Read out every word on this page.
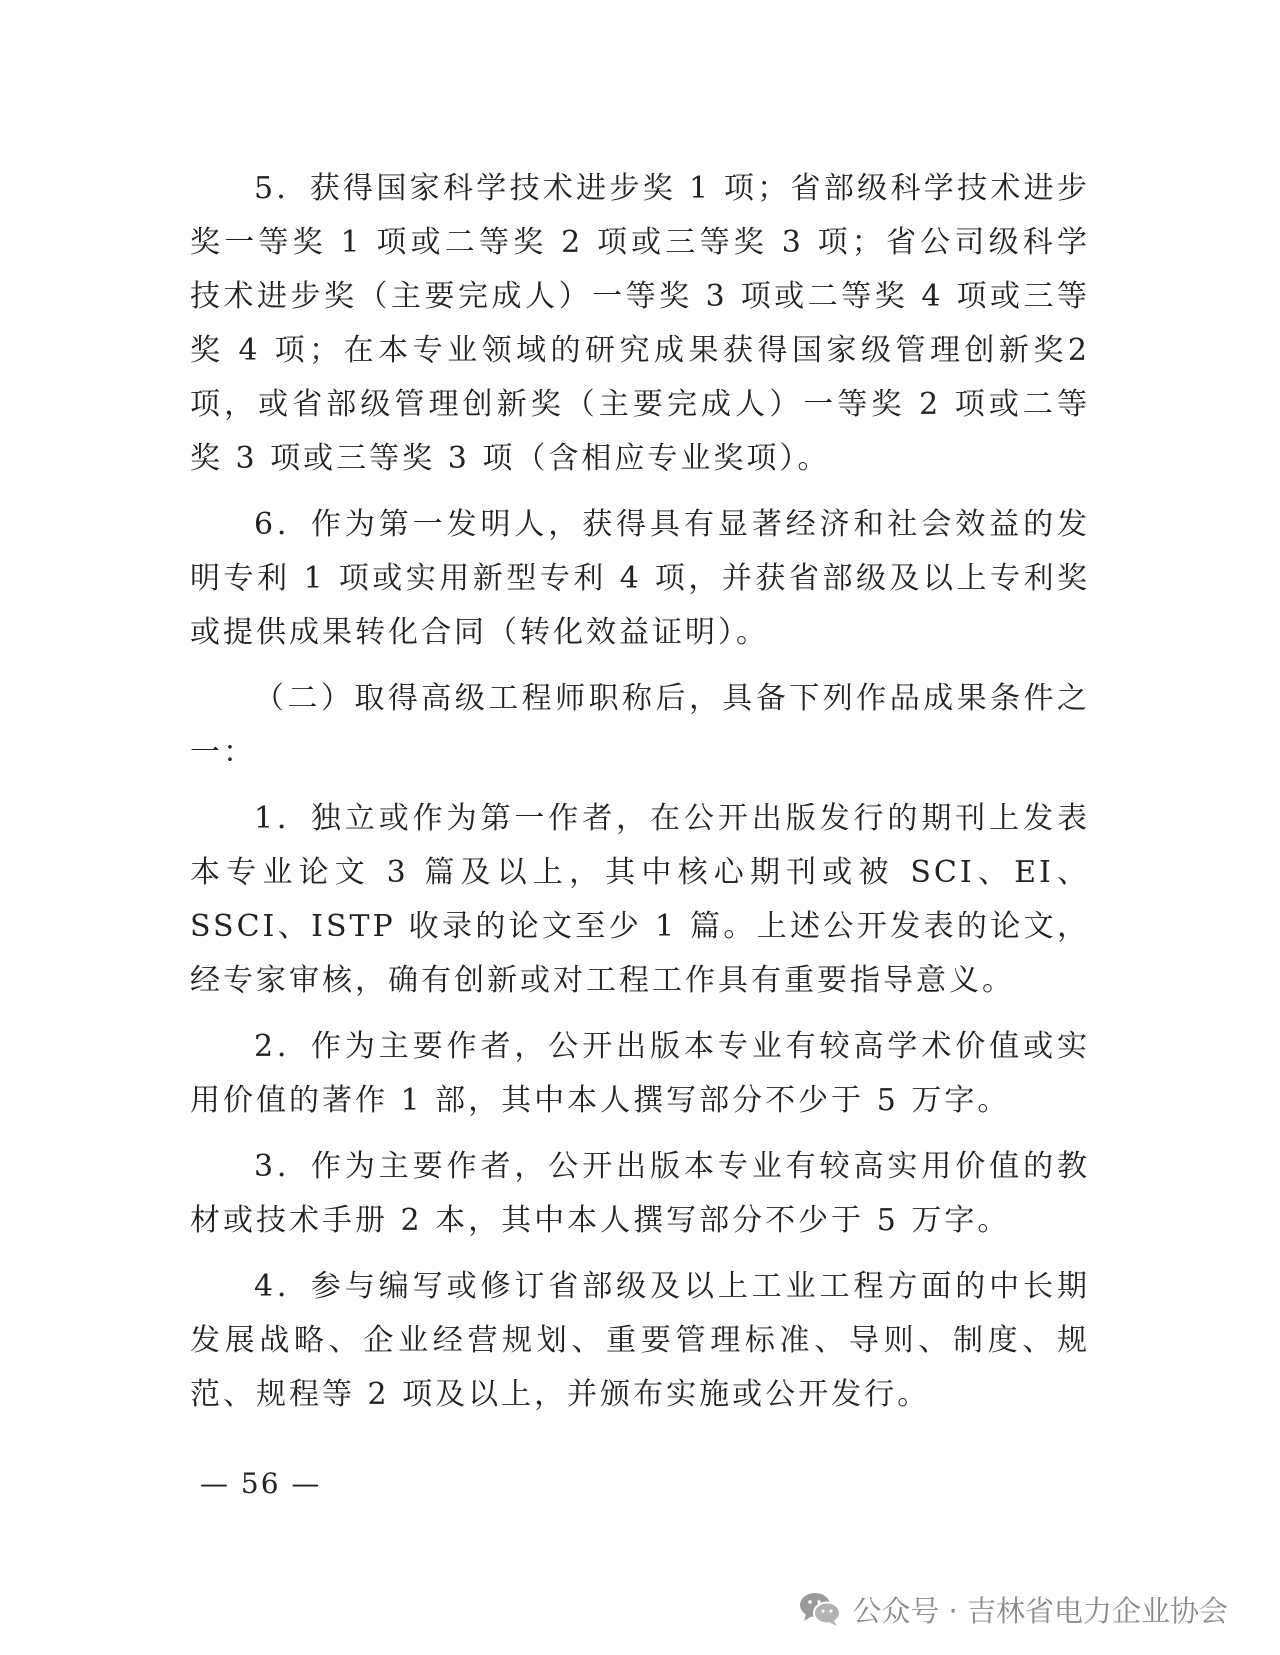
5．获得国家科学技术进步奖 1 项；省部级科学技术进步奖一等奖 1 项或二等奖 2 项或三等奖 3 项；省公司级科学技术进步奖（主要完成人）一等奖 3 项或二等奖 4 项或三等奖 4 项；在本专业领域的研究成果获得国家级管理创新奖2 项，或省部级管理创新奖（主要完成人）一等奖 2 项或二等奖 3 项或三等奖 3 项（含相应专业奖项）。

6．作为第一发明人，获得具有显著经济和社会效益的发明专利 1 项或实用新型专利 4 项，并获省部级及以上专利奖或提供成果转化合同（转化效益证明）。

（二）取得高级工程师职称后，具备下列作品成果条件之一：

1．独立或作为第一作者，在公开出版发行的期刊上发表本专业论文 3 篇及以上，其中核心期刊或被 SCI、EI、SSCI、ISTP 收录的论文至少 1 篇。上述公开发表的论文，经专家审核，确有创新或对工程工作具有重要指导意义。

2．作为主要作者，公开出版本专业有较高学术价值或实用价值的著作 1 部，其中本人撰写部分不少于 5 万字。

3．作为主要作者，公开出版本专业有较高实用价值的教材或技术手册 2 本，其中本人撰写部分不少于 5 万字。

4．参与编写或修订省部级及以上工业工程方面的中长期发展战略、企业经营规划、重要管理标准、导则、制度、规范、规程等 2 项及以上，并颁布实施或公开发行。

— 56 —
公众号 · 吉林省电力企业协会
